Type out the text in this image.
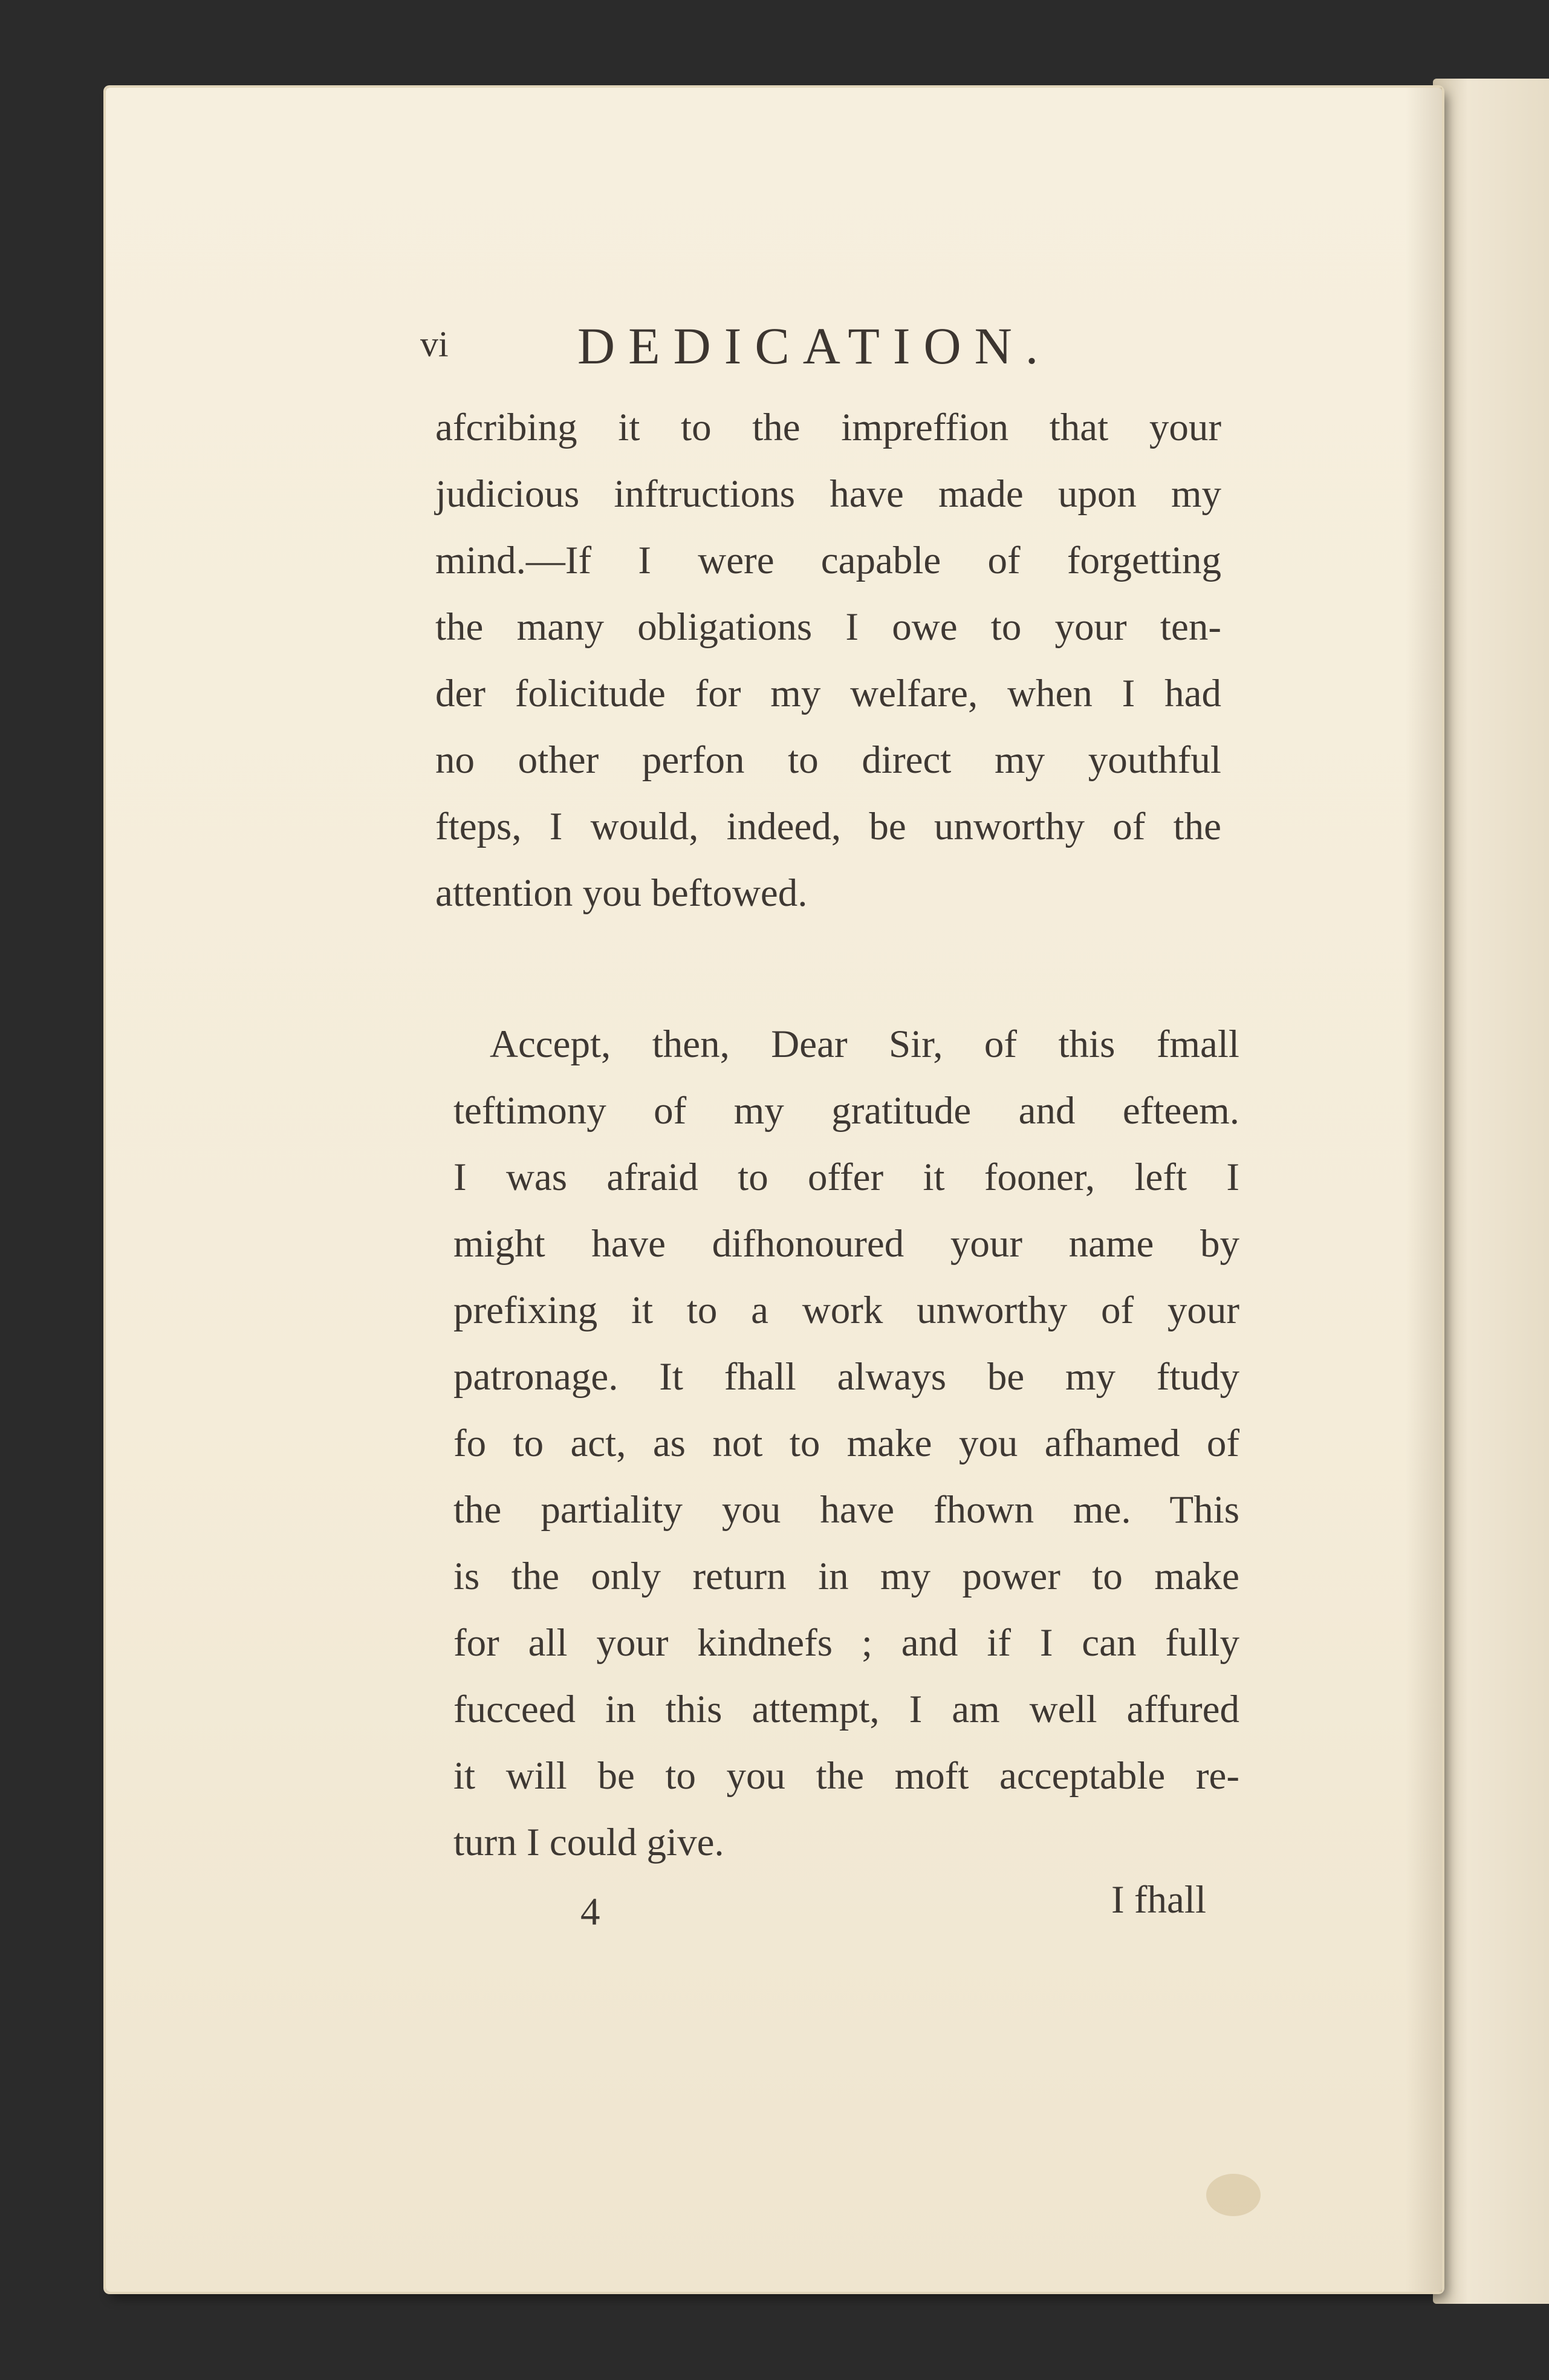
vi DEDICATION.
afcribing it to the impreffion that your
judicious inftructions have made upon my
mind.—If I were capable of forgetting
the many obligations I owe to your ten-
der folicitude for my welfare, when I had
no other perfon to direct my youthful
fteps, I would, indeed, be unworthy of the
attention you beftowed.
Accept, then, Dear Sir, of this fmall
teftimony of my gratitude and efteem.
I was afraid to offer it fooner, left I
might have difhonoured your name by
prefixing it to a work unworthy of your
patronage. It fhall always be my ftudy
fo to act, as not to make you afhamed of
the partiality you have fhown me. This
is the only return in my power to make
for all your kindnefs ; and if I can fully
fucceed in this attempt, I am well affured
it will be to you the moft acceptable re-
turn I could give.
4	I fhall
